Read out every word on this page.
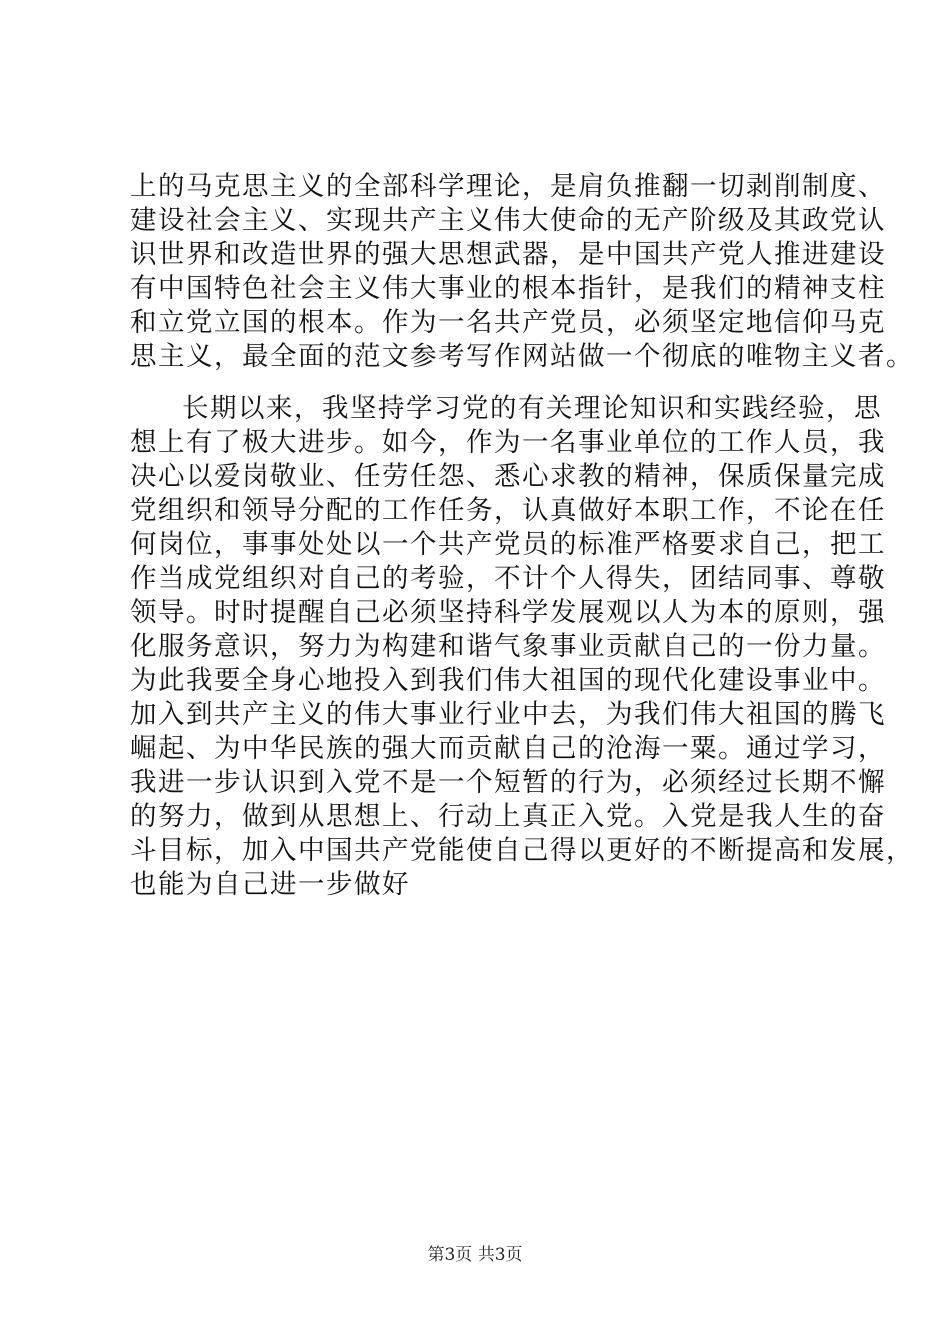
上的马克思主义的全部科学理论，是肩负推翻一切剥削制度、
建设社会主义、实现共产主义伟大使命的无产阶级及其政党认
识世界和改造世界的强大思想武器，是中国共产党人推进建设
有中国特色社会主义伟大事业的根本指针，是我们的精神支柱
和立党立国的根本。作为一名共产党员，必须坚定地信仰马克
思主义，最全面的范文参考写作网站做一个彻底的唯物主义者。
长期以来，我坚持学习党的有关理论知识和实践经验，思
想上有了极大进步。如今，作为一名事业单位的工作人员，我
决心以爱岗敬业、任劳任怨、悉心求教的精神，保质保量完成
党组织和领导分配的工作任务，认真做好本职工作，不论在任
何岗位，事事处处以一个共产党员的标准严格要求自己，把工
作当成党组织对自己的考验，不计个人得失，团结同事、尊敬
领导。时时提醒自己必须坚持科学发展观以人为本的原则，强
化服务意识，努力为构建和谐气象事业贡献自己的一份力量。
为此我要全身心地投入到我们伟大祖国的现代化建设事业中。
加入到共产主义的伟大事业行业中去，为我们伟大祖国的腾飞
崛起、为中华民族的强大而贡献自己的沧海一粟。通过学习，
我进一步认识到入党不是一个短暂的行为，必须经过长期不懈
的努力，做到从思想上、行动上真正入党。入党是我人生的奋
斗目标，加入中国共产党能使自己得以更好的不断提高和发展，
也能为自己进一步做好
第3页 共3页
